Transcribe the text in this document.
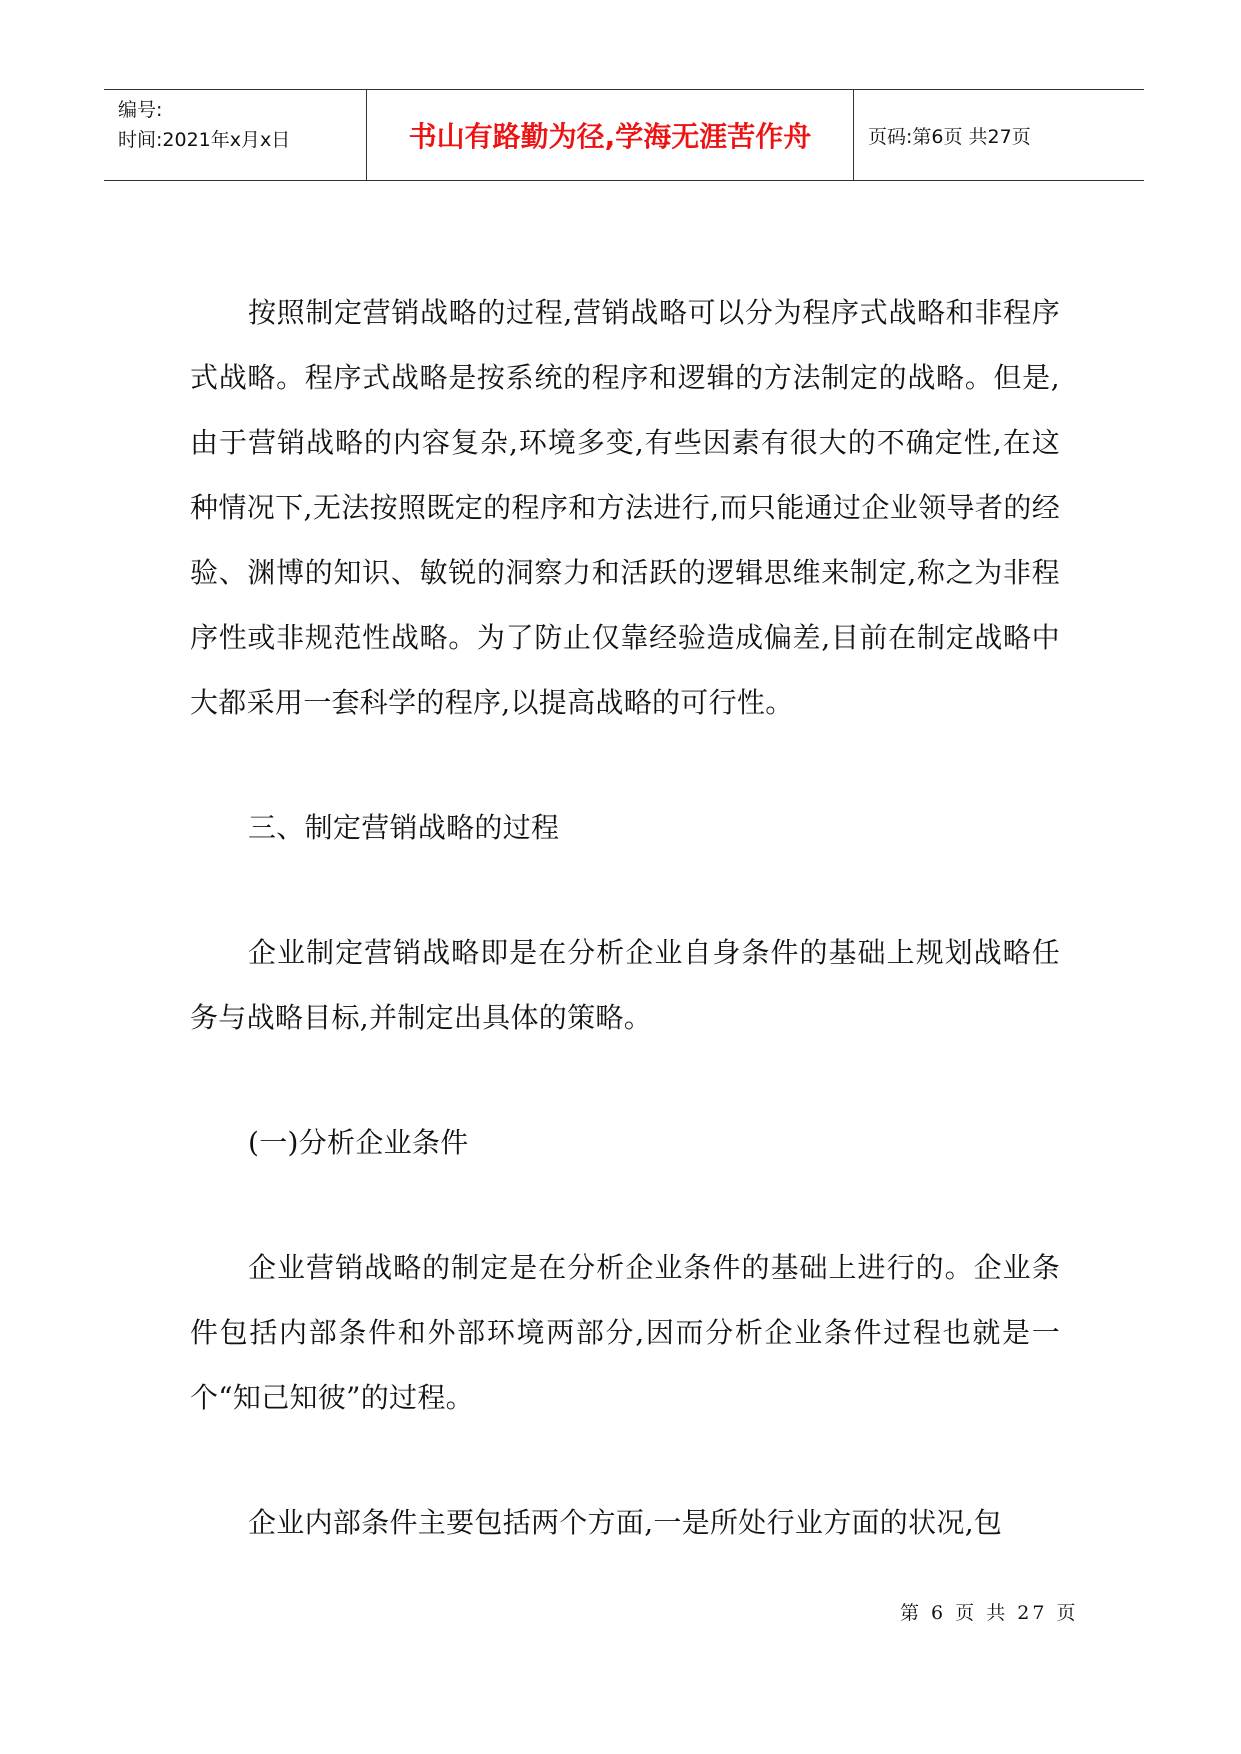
编号:
时间:2021年x月x日	书山有路勤为径,学海无涯苦作舟	页码:第6页 共27页

按照制定营销战略的过程,营销战略可以分为程序式战略和非程序式战略。程序式战略是按系统的程序和逻辑的方法制定的战略。但是,由于营销战略的内容复杂,环境多变,有些因素有很大的不确定性,在这种情况下,无法按照既定的程序和方法进行,而只能通过企业领导者的经验、渊博的知识、敏锐的洞察力和活跃的逻辑思维来制定,称之为非程序性或非规范性战略。为了防止仅靠经验造成偏差,目前在制定战略中大都采用一套科学的程序,以提高战略的可行性。

三、制定营销战略的过程

企业制定营销战略即是在分析企业自身条件的基础上规划战略任务与战略目标,并制定出具体的策略。

(一)分析企业条件

企业营销战略的制定是在分析企业条件的基础上进行的。企业条件包括内部条件和外部环境两部分,因而分析企业条件过程也就是一个“知己知彼”的过程。

企业内部条件主要包括两个方面,一是所处行业方面的状况,包

第 6 页 共 27 页
